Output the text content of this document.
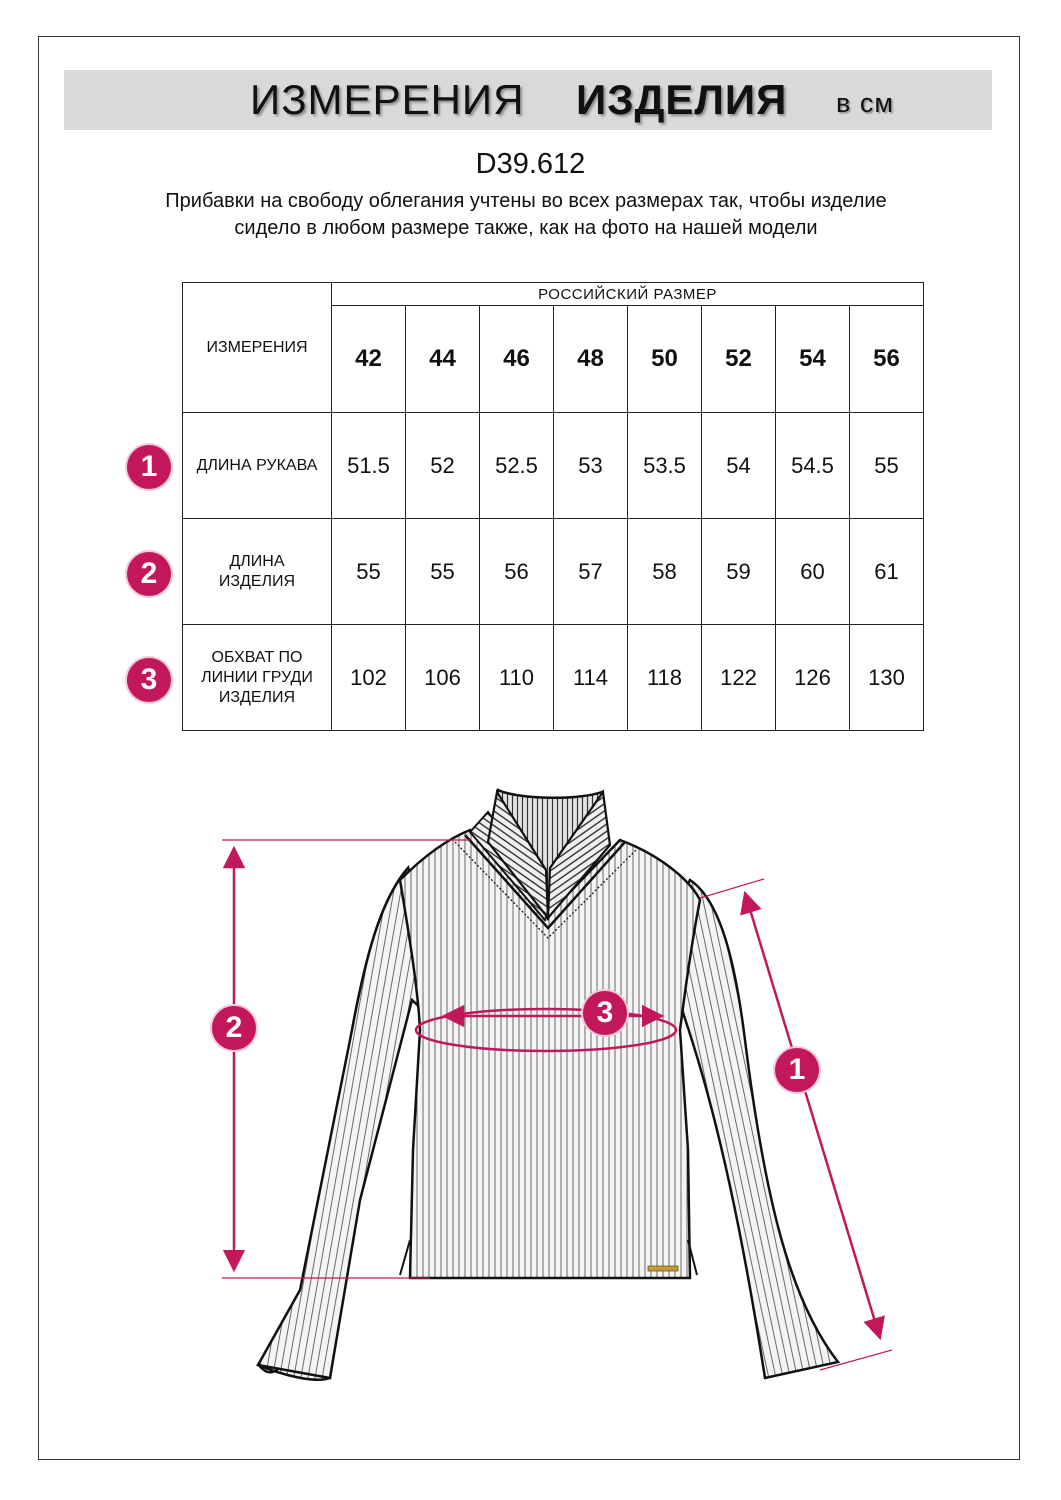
ИЗМЕРЕНИЯ ИЗДЕЛИЯ в см
D39.612
Прибавки на свободу облегания учтены во всех размерах так, чтобы изделие сидело в любом размере также, как на фото на нашей модели
ИЗМЕРЕНИЯ	РОССИЙСКИЙ РАЗМЕР							
	42	44	46	48	50	52	54	56
ДЛИНА РУКАВА	51.5	52	52.5	53	53.5	54	54.5	55

ДЛИНА ИЗДЕЛИЯ	55	55	56	57	58	59	60	61

ОБХВАТ ПО ЛИНИИ ГРУДИ ИЗДЕЛИЯ	102	106	110	114	118	122	126	130
1
2
3
2	3
1
